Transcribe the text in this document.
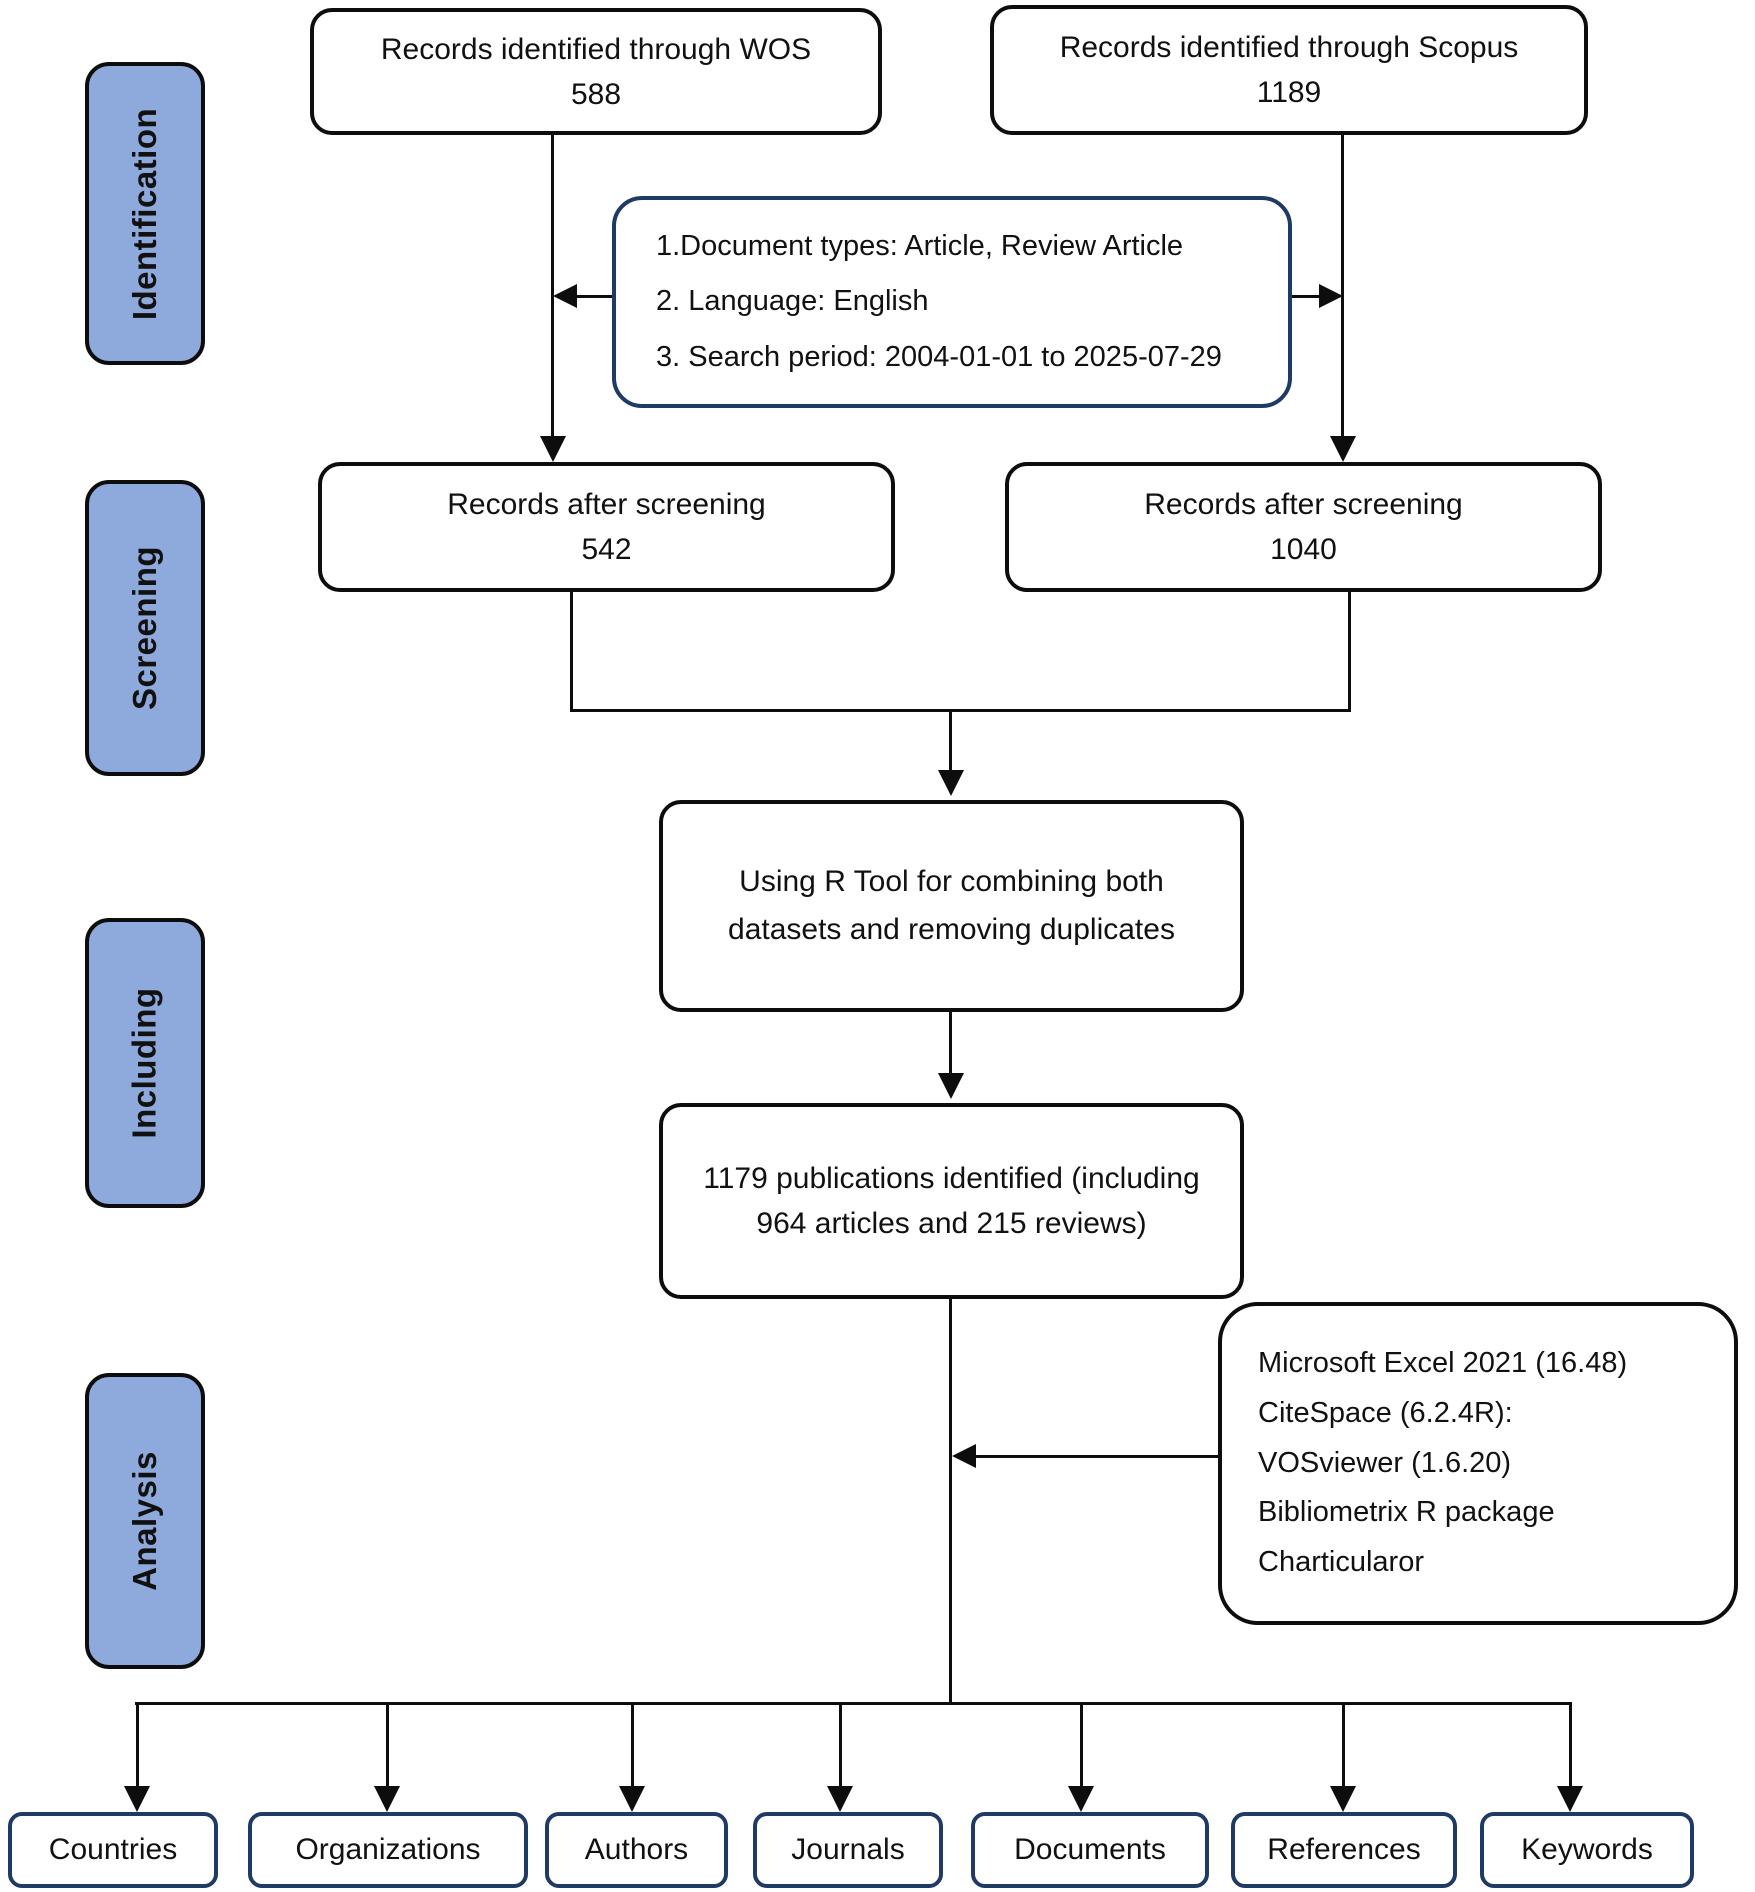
Identification
Screening
Including
Analysis
Records identified through WOS
588
Records identified through Scopus
1189
1.Document types: Article, Review Article
2. Language: English
3. Search period: 2004-01-01 to 2025-07-29
Records after screening
542
Records after screening
1040
Using R Tool for combining both datasets and removing duplicates
1179 publications identified (including 964 articles and 215 reviews)
Microsoft Excel 2021 (16.48)
CiteSpace (6.2.4R):
VOSviewer (1.6.20)
Bibliometrix R package
Charticularor
Countries	Organizations	Authors	Journals	Documents	References	Keywords
